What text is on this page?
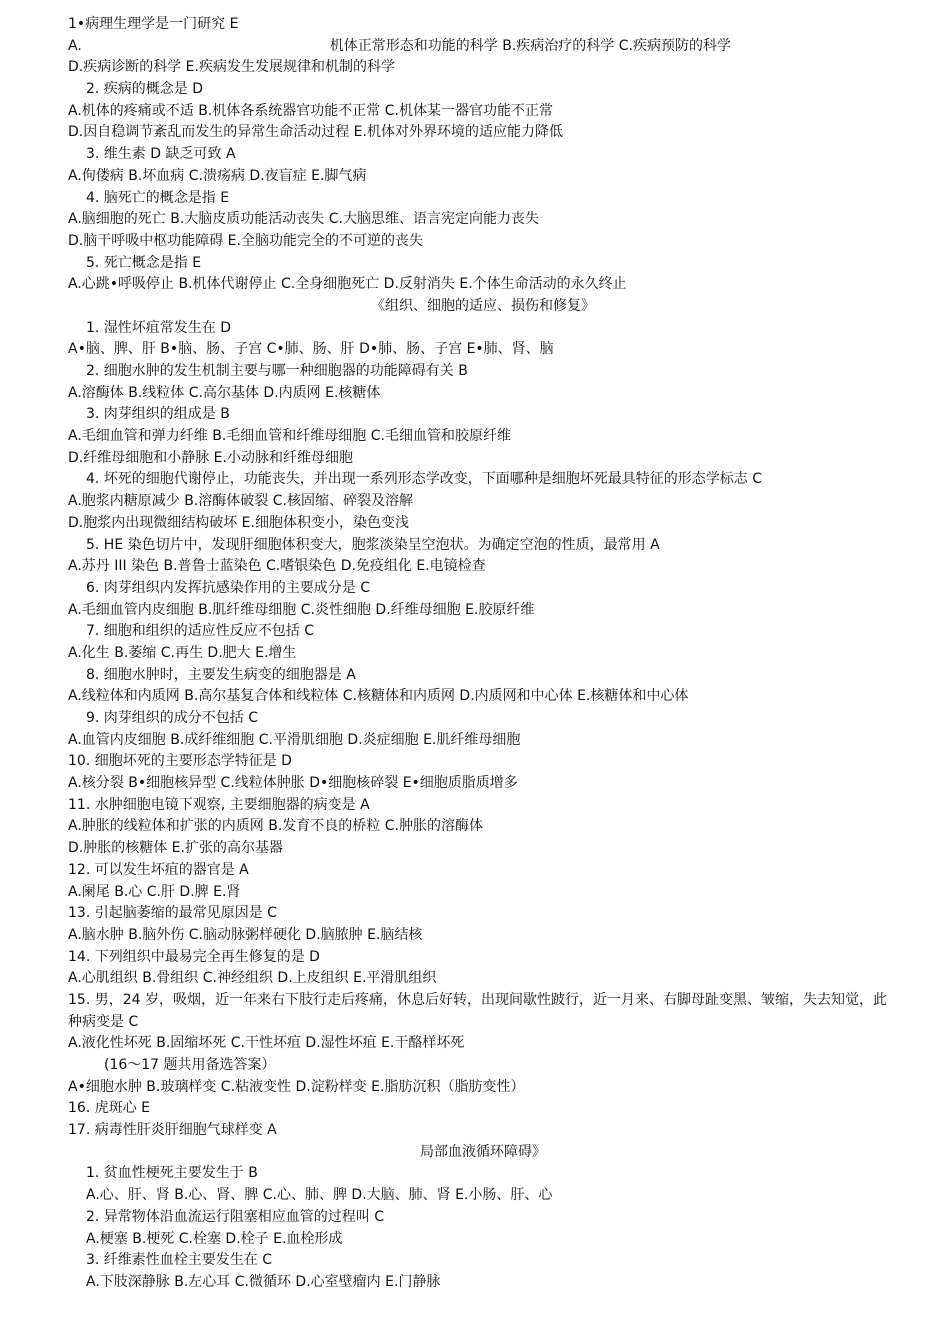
1•病理生理学是一门研究 E
A.	机体正常形态和功能的科学 B.疾病治疗的科学 C.疾病预防的科学
D.疾病诊断的科学 E.疾病发生发展规律和机制的科学
2. 疾病的概念是 D
A.机体的疼痛或不适 B.机体各系统器官功能不正常 C.机体某一器官功能不正常
D.因自稳调节紊乱而发生的异常生命活动过程 E.机体对外界环境的适应能力降低
3. 维生素 D 缺乏可致 A
A.佝偻病 B.坏血病 C.溃疡病 D.夜盲症 E.脚气病
4. 脑死亡的概念是指 E
A.脑细胞的死亡 B.大脑皮质功能活动丧失 C.大脑思维、语言宪定向能力丧失
D.脑干呼吸中枢功能障碍 E.全脑功能完全的不可逆的丧失
5. 死亡概念是指 E
A.心跳•呼吸停止 B.机体代谢停止 C.全身细胞死亡 D.反射消失 E.个体生命活动的永久终止
《组织、细胞的适应、损伤和修复》
1. 湿性坏疽常发生在 D
A•脑、脾、肝 B•脑、肠、子宫 C•肺、肠、肝 D•肺、肠、子宫 E•肺、肾、脑
2. 细胞水肿的发生机制主要与哪一种细胞器的功能障碍有关 B
A.溶酶体 B.线粒体 C.高尔基体 D.内质网 E.核糖体
3. 肉芽组织的组成是 B
A.毛细血管和弹力纤维 B.毛细血管和纤维母细胞 C.毛细血管和胶原纤维
D.纤维母细胞和小静脉 E.小动脉和纤维母细胞
4. 坏死的细胞代谢停止，功能丧失，并出现一系列形态学改变，下面哪种是细胞坏死最具特征的形态学标志 C
A.胞浆内糖原减少 B.溶酶体破裂 C.核固缩、碎裂及溶解
D.胞浆内出现微细结构破坏 E.细胞体积变小，染色变浅
5. HE 染色切片中，发现肝细胞体积变大，胞浆淡染呈空泡状。为确定空泡的性质，最常用 A
A.苏丹 III 染色 B.普鲁士蓝染色 C.嗜银染色 D.免疫组化 E.电镜检查
6. 肉芽组织内发挥抗感染作用的主要成分是 C
A.毛细血管内皮细胞 B.肌纤维母细胞 C.炎性细胞 D.纤维母细胞 E.胶原纤维
7. 细胞和组织的适应性反应不包括 C
A.化生 B.萎缩 C.再生 D.肥大 E.增生
8. 细胞水肿时，主要发生病变的细胞器是 A
A.线粒体和内质网 B.高尔基复合体和线粒体 C.核糖体和内质网 D.内质网和中心体 E.核糖体和中心体
9. 肉芽组织的成分不包括 C
A.血管内皮细胞 B.成纤维细胞 C.平滑肌细胞 D.炎症细胞 E.肌纤维母细胞
10. 细胞坏死的主要形态学特征是 D
A.核分裂 B•细胞核异型 C.线粒体肿胀 D•细胞核碎裂 E•细胞质脂质增多
11. 水肿细胞电镜下观察, 主要细胞器的病变是 A
A.肿胀的线粒体和扩张的内质网 B.发育不良的桥粒 C.肿胀的溶酶体
D.肿胀的核糖体 E.扩张的高尔基器
12. 可以发生坏疽的器官是 A
A.阑尾 B.心 C.肝 D.脾 E.肾
13. 引起脑萎缩的最常见原因是 C
A.脑水肿 B.脑外伤 C.脑动脉粥样硬化 D.脑脓肿 E.脑结核
14. 下列组织中最易完全再生修复的是 D
A.心肌组织 B.骨组织 C.神经组织 D.上皮组织 E.平滑肌组织
15. 男，24 岁，吸烟，近一年来右下肢行走后疼痛，休息后好转，出现间歇性跛行，近一月来、右脚母趾变黑、皱缩，失去知觉，此种病变是 C
A.液化性坏死 B.固缩坏死 C.干性坏疽 D.湿性坏疽 E.干酪样坏死
(16〜17 题共用备选答案）
A•细胞水肿 B.玻璃样变 C.粘液变性 D.淀粉样变 E.脂肪沉积（脂肪变性）
16. 虎斑心 E
17. 病毒性肝炎肝细胞气球样变 A
局部血液循环障碍》
1. 贫血性梗死主要发生于 B
A.心、肝、肾 B.心、肾、脾 C.心、肺、脾 D.大脑、肺、肾 E.小肠、肝、心
2. 异常物体沿血流运行阻塞相应血管的过程叫 C
A.梗塞 B.梗死 C.栓塞 D.栓子 E.血栓形成
3. 纤维素性血栓主要发生在 C
A.下肢深静脉 B.左心耳 C.微循环 D.心室壁瘤内 E.门静脉
